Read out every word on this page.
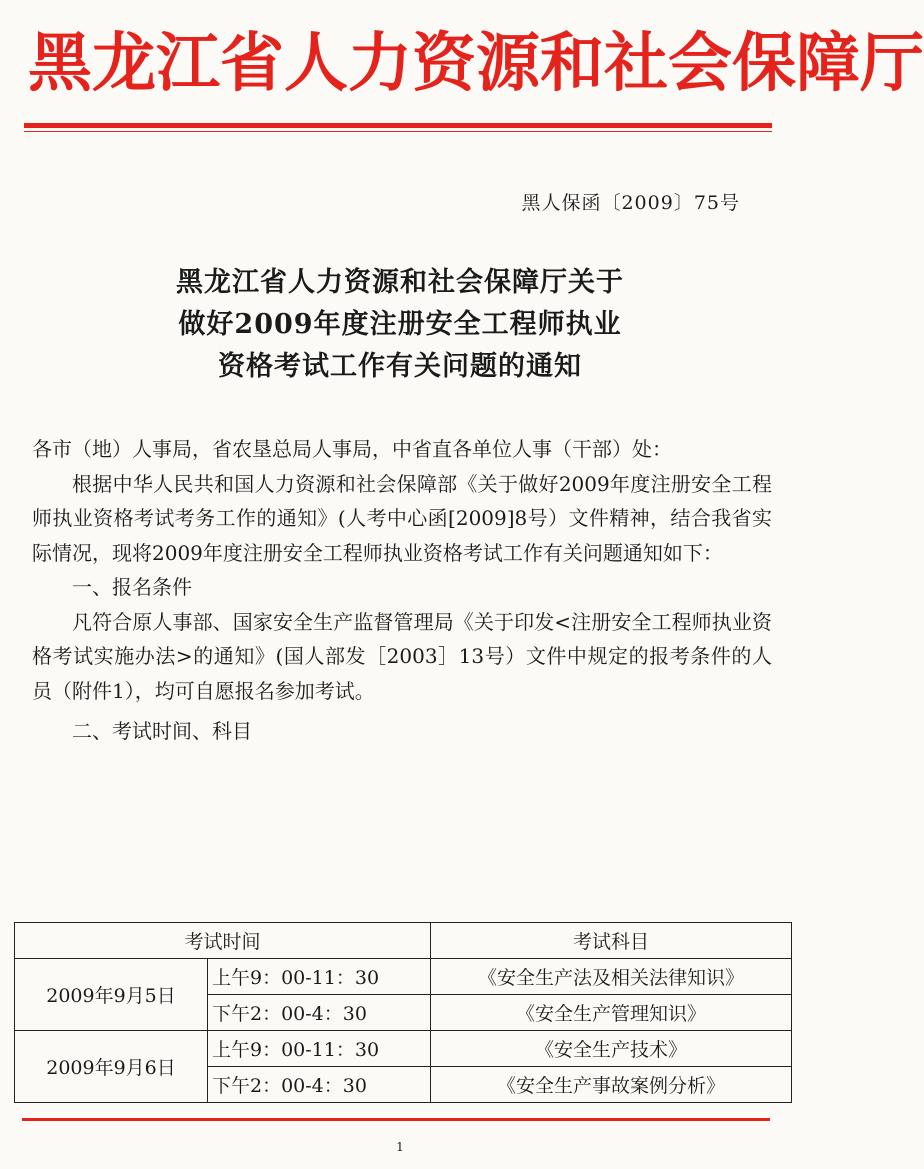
黑龙江省人力资源和社会保障厅
黑人保函〔2009〕75号
黑龙江省人力资源和社会保障厅关于
做好2009年度注册安全工程师执业
资格考试工作有关问题的通知

各市（地）人事局，省农垦总局人事局，中省直各单位人事（干部）处：

根据中华人民共和国人力资源和社会保障部《关于做好2009年度注册安全工程师执业资格考试考务工作的通知》(人考中心函[2009]8号）文件精神，结合我省实际情况，现将2009年度注册安全工程师执业资格考试工作有关问题通知如下：

一、报名条件

凡符合原人事部、国家安全生产监督管理局《关于印发<注册安全工程师执业资格考试实施办法>的通知》(国人部发［2003］13号）文件中规定的报考条件的人员（附件1），均可自愿报名参加考试。

二、考试时间、科目

考试时间		考试科目
2009年9月5日	上午9：00-11：30	《安全生产法及相关法律知识》
	下午2：00-4：30	《安全生产管理知识》
2009年9月6日	上午9：00-11：30	《安全生产技术》
	下午2：00-4：30	《安全生产事故案例分析》
1
